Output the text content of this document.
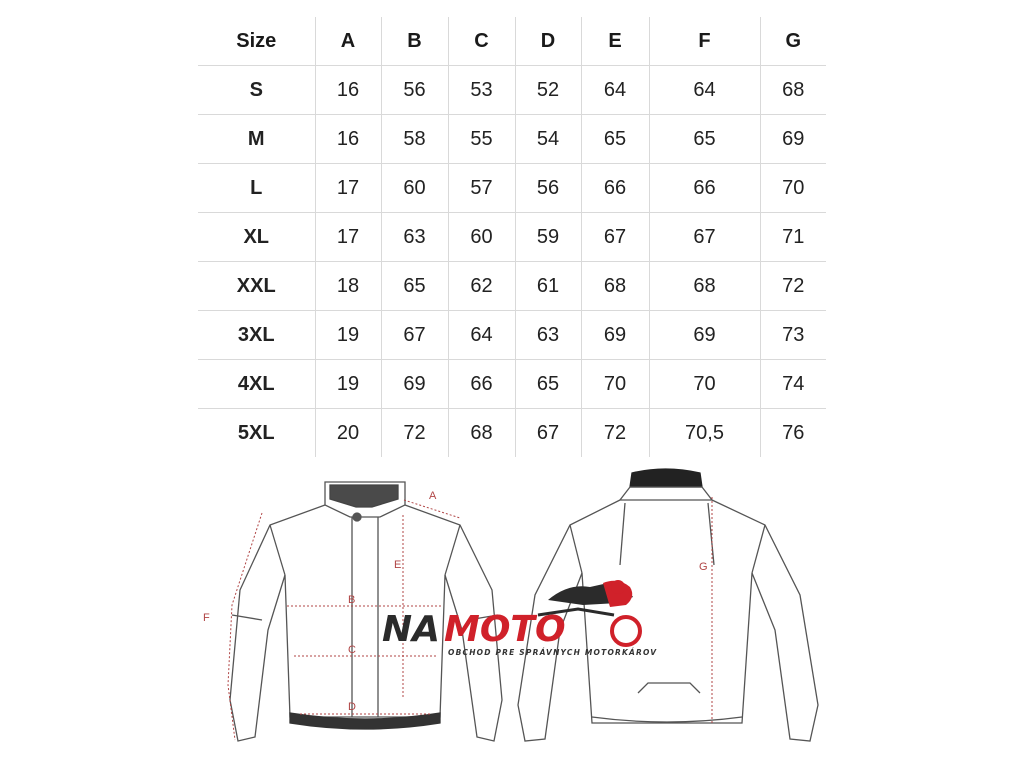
Size	A	B	C	D	E	F	G
S	16	56	53	52	64	64	68
M	16	58	55	54	65	65	69
L	17	60	57	56	66	66	70
XL	17	63	60	59	67	67	71
XXL	18	65	62	61	68	68	72
3XL	19	67	64	63	69	69	73
4XL	19	69	66	65	70	70	74
5XL	20	72	68	67	72	70,5	76
A
E
B
C
D
F
G
NA MOTO
OBCHOD PRE SPRÁVNYCH MOTORKÁROV
